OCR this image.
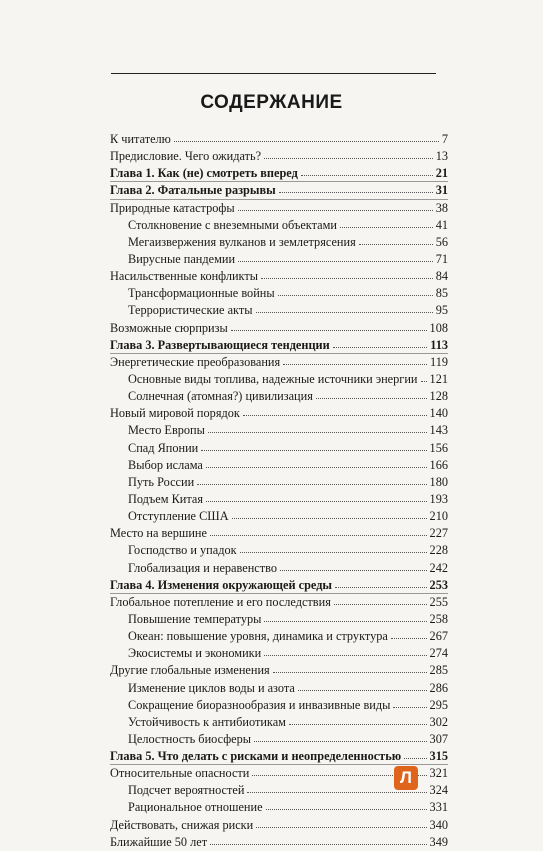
СОДЕРЖАНИЕ
К читателю	7
Предисловие. Чего ожидать?	13
Глава 1. Как (не) смотреть вперед	21
Глава 2. Фатальные разрывы	31
Природные катастрофы	38
Столкновение с внеземными объектами	41
Мегаизвержения вулканов и землетрясения	56
Вирусные пандемии	71
Насильственные конфликты	84
Трансформационные войны	85
Террористические акты	95
Возможные сюрпризы	108
Глава 3. Развертывающиеся тенденции	113
Энергетические преобразования	119
Основные виды топлива, надежные источники энергии 121
Солнечная (атомная?) цивилизация	128
Новый мировой порядок	140
Место Европы	143
Спад Японии	156
Выбор ислама	166
Путь России	180
Подъем Китая	193
Отступление США	210
Место на вершине	227
Господство и упадок	228
Глобализация и неравенство	242
Глава 4. Изменения окружающей среды	253
Глобальное потепление и его последствия	255
Повышение температуры	258
Океан: повышение уровня, динамика и структура	267
Экосистемы и экономики	274
Другие глобальные изменения	285
Изменение циклов воды и азота	286
Сокращение биоразнообразия и инвазивные виды	295
Устойчивость к антибиотикам	302
Целостность биосферы	307
Глава 5. Что делать с рисками и неопределенностью 315
Относительные опасности	321
Подсчет вероятностей	324
Рациональное отношение	331
Действовать, снижая риски	340
Ближайшие 50 лет	349
Л
